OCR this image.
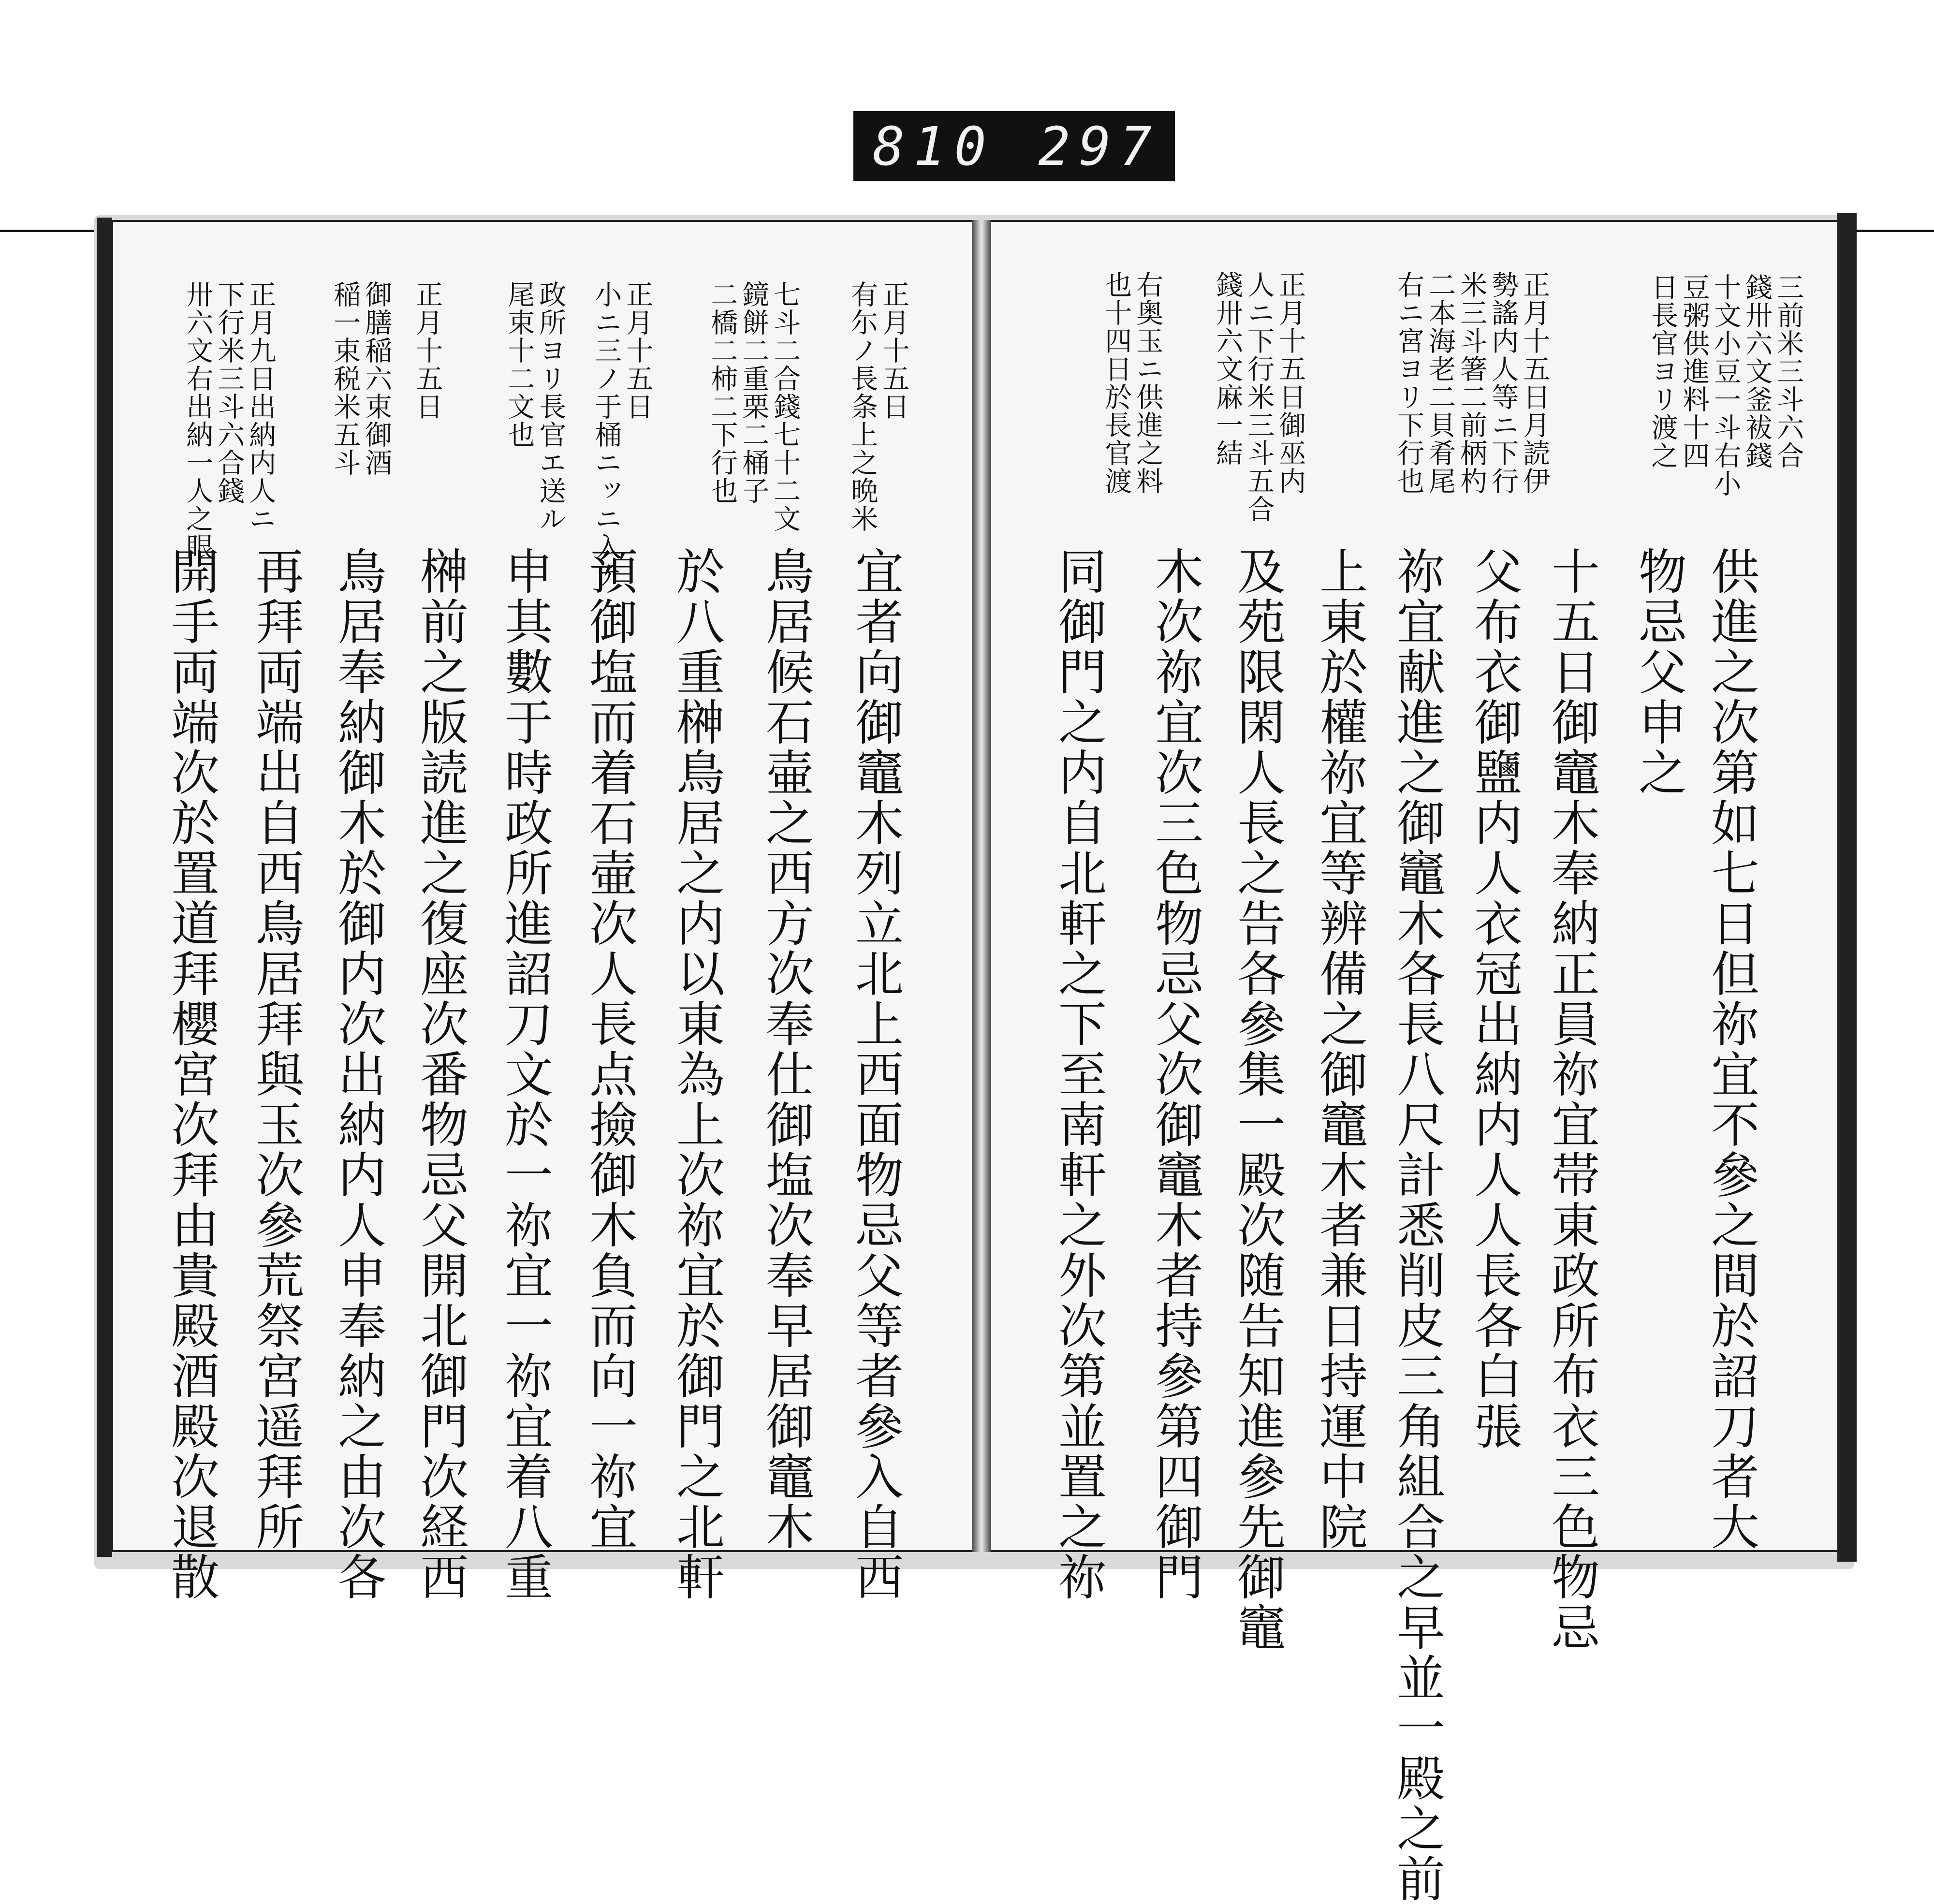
810 297
三前米三斗六合
錢卅六文釜袚錢
十文小豆一斗右小
豆粥供進料十四
日長官ヨリ渡之
正月十五日月読伊
勢謠内人等ニ下行
米三斗箸二前柄杓
二本海老二貝肴尾
右ニ宮ヨリ下行也
正月十五日御巫内
人ニ下行米三斗五合
錢卅六文麻一結
右奥玉ニ供進之料
也十四日於長官渡
供進之次第如七日但祢宜不參之間於詔刀者大
物忌父申之
十五日御竈木奉納正員祢宜帯東政所布衣三色物忌
父布衣御鹽内人衣冠出納内人人長各白張
祢宜献進之御竈木各長八尺計悉削皮三角組合之早並一殿之前
上東於權祢宜等辨備之御竈木者兼日持運中院
及苑限閑人長之告各參集一殿次随告知進參先御竈
木次祢宜次三色物忌父次御竈木者持參第四御門
同御門之内自北軒之下至南軒之外次第並置之祢
正月十五日
有尓ノ長条上之晩米
七斗二合錢七十二文
鏡餅二重栗二桶子
二橋二柿二下行也
正月十五日
小ニ三ノ于桶ニッニ入テ
政所ヨリ長官エ送ル
尾束十二文也
正月十五日
御膳稲六束御酒
稲一束税米五斗
正月九日出納内人ニ
下行米三斗六合錢
卅六文右出納一人之眼
宜者向御竈木列立北上西面物忌父等者參入自西
鳥居候石壷之西方次奉仕御塩次奉早居御竈木
於八重榊鳥居之内以東為上次祢宜於御門之北軒
預御塩而着石壷次人長点撿御木負而向一祢宜
申其數于時政所進詔刀文於一祢宜一祢宜着八重
榊前之版読進之復座次番物忌父開北御門次経西
鳥居奉納御木於御内次出納内人申奉納之由次各
再拜両端出自西鳥居拜與玉次參荒祭宮遥拜所
開手両端次於置道拜櫻宮次拜由貴殿酒殿次退散
